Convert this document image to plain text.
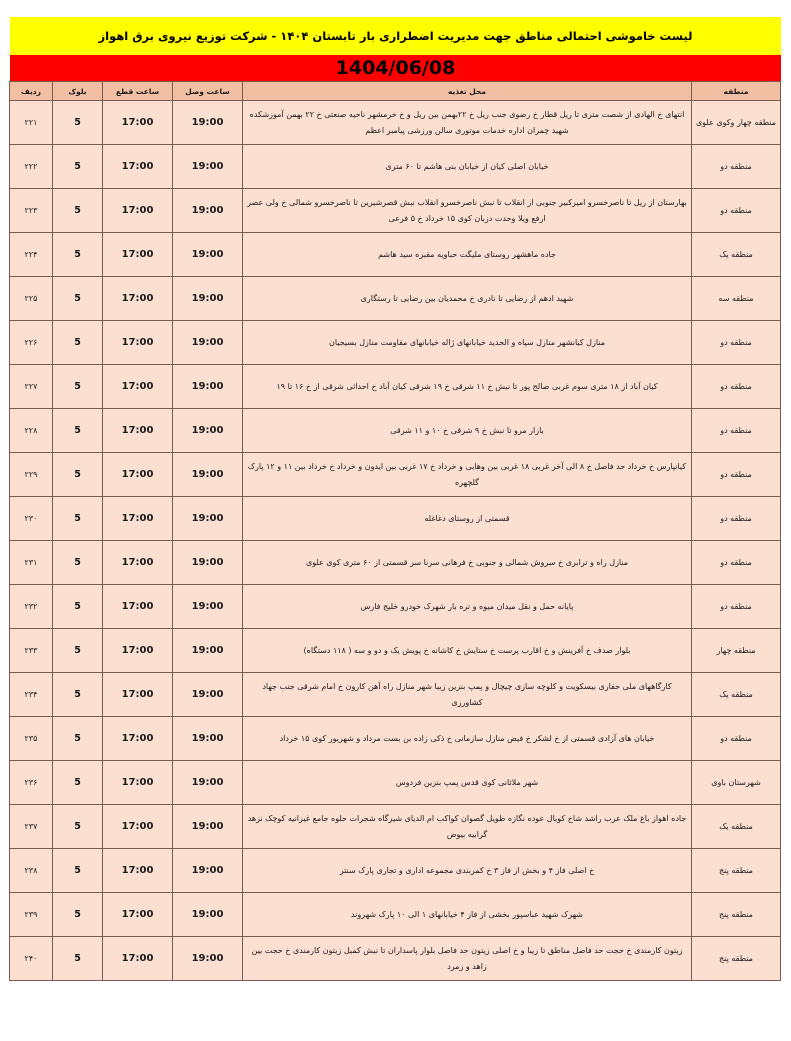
لیست خاموشی احتمالی مناطق جهت مدیریت اضطراری بار تابستان ۱۴۰۴ - شرکت توزیع نیروی برق اهواز
1404/06/08
منطقه	محل تغذیه	ساعت وصل	ساعت قطع	بلوک	ردیف
منطقه چهار وکوی علوی	انتهای خ الهادی از شصت متری تا ریل قطار خ رضوی جنب ریل خ ۲۲بهمن بین ریل و خ خرمشهر ناحیه صنعتی خ ۲۲ بهمن آموزشکده شهید چمران اداره خدمات موتوری سالن ورزشی پیامبر اعظم	19:00	17:00	5	۲۲۱
منطقه دو	خیابان اصلی کیان از خیابان بنی هاشم تا ۶۰ متری	19:00	17:00	5	۲۲۲
منطقه دو	بهارستان از ریل تا ناصرخسرو امیرکبیر جنوبی از انقلاب تا نبش ناصرخسرو انقلاب نبش قصرشیرین تا ناصرخسرو شمالی خ ولی عصر ارفع ویلا وحدت دزبان کوی ۱۵ خرداد خ ۵ فرعی	19:00	17:00	5	۲۲۳
منطقه یک	جاده ماهشهر روستای ملیگت حباویه مقبره سید هاشم	19:00	17:00	5	۲۲۴
منطقه سه	شهید ادهم از رضایی تا نادری خ محمدیان بین رضایی تا رستگاری	19:00	17:00	5	۲۲۵
منطقه دو	منازل کیانشهر منازل سپاه و الحدید خیابانهای ژاله خیابانهای مقاومت منازل بسیجیان	19:00	17:00	5	۲۲۶
منطقه دو	کیان آباد از ۱۸ متری سوم غربی صالح پور تا نبش خ ۱۱ شرقی خ ۱۹ شرقی کیان آباد خ احداثی شرقی از خ ۱۶ تا ۱۹	19:00	17:00	5	۲۲۷
منطقه دو	بازار مرو تا نبش خ ۹ شرقی خ ۱۰ و ۱۱ شرقی	19:00	17:00	5	۲۲۸
منطقه دو	کیانپارس خ خرداد حد فاصل خ ۸ الی آخر غربی ۱۸ غربی بین وهابی و خرداد خ ۱۷ غربی بین ایدون و خرداد خ خرداد بین ۱۱ و ۱۲ پارک گلچهره	19:00	17:00	5	۲۲۹
منطقه دو	قسمتی از روستای دغاغله	19:00	17:00	5	۲۳۰
منطقه دو	منازل راه و ترابری خ سروش شمالی و جنوبی خ فرهانی سرنا سر قسمتی از ۶۰ متری کوی علوی	19:00	17:00	5	۲۳۱
منطقه دو	پایانه حمل و نقل میدان میوه و تره بار شهرک خودرو خلیج فارس	19:00	17:00	5	۲۳۲
منطقه چهار	بلوار صدف خ آفرینش و خ اقارب پرست خ ستایش خ کاشانه خ پویش یک و دو و سه ( ۱۱۸ دستگاه)	19:00	17:00	5	۲۳۳
منطقه یک	کارگاههای ملی حفاری بیسکویت و کلوچه سازی چیچال و پمپ بنزین زیبا شهر منازل راه آهن کارون خ امام شرقی جنب جهاد کشاورزی	19:00	17:00	5	۲۳۴
منطقه دو	خیابان های آزادی قسمتی از خ لشکر خ فیض منازل سازمانی خ ذکی زاده بن بست مرداد و شهریور کوی ۱۵ خرداد	19:00	17:00	5	۲۳۵
شهرستان باوی	شهر ملاثانی کوی قدس پمپ بنزین فردوس	19:00	17:00	5	۲۳۶
منطقه یک	جاده اهواز باغ ملک عرب راشد شاخ کوبال عوده نگازه طویل گصوان کواکب ام الدیای شیرگاه شجرات حلوه جامع غیزانیه کوچک نزهد گرابیه بیوض	19:00	17:00	5	۲۳۷
منطقه پنج	خ اصلی فاز ۴ و بخش از فاز ۳ خ کمربندی مجموعه اداری و تجاری پارک سنتر	19:00	17:00	5	۲۳۸
منطقه پنج	شهرک شهید عباسپور بخشی از فاز ۴ خیابانهای ۱ الی ۱۰ پارک شهروند	19:00	17:00	5	۲۳۹
منطقه پنج	زیتون کارمندی خ حجت حد فاصل مناطق تا زیبا و خ اصلی زیتون حد فاصل بلوار پاسداران تا نبش کمیل زیتون کارمندی خ حجت بین زاهد و زمرد	19:00	17:00	5	۲۴۰
